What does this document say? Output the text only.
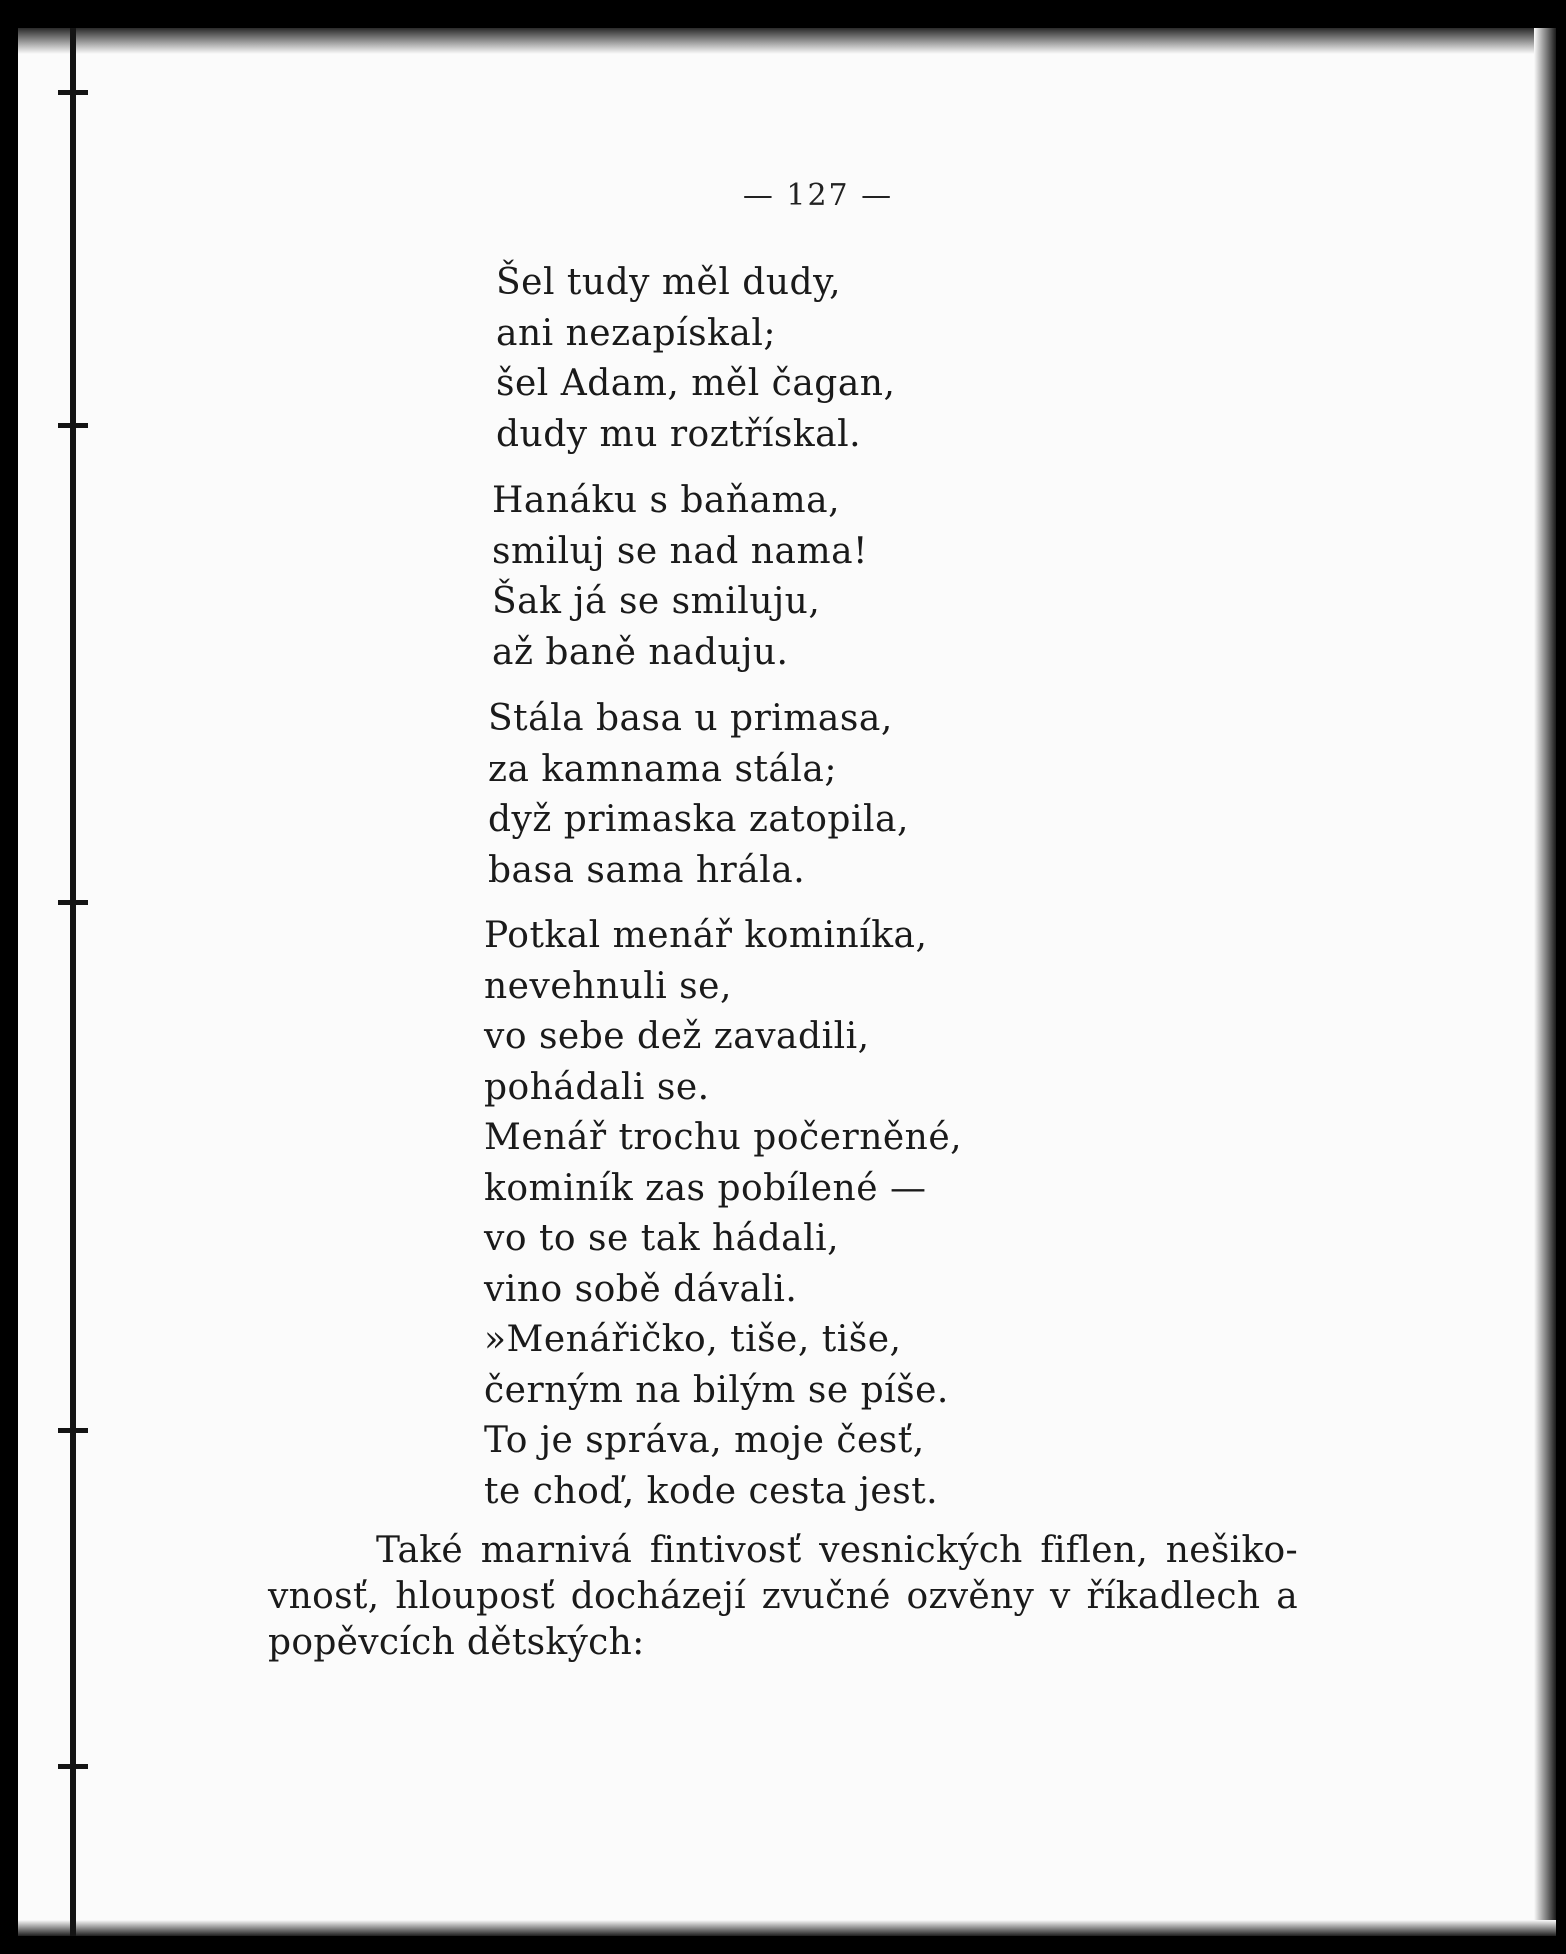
— 127 —

Šel tudy měl dudy,
ani nezapískal;
šel Adam, měl čagan,
dudy mu roztřískal.

Hanáku s baňama,
smiluj se nad nama!
Šak já se smiluju,
až baně naduju.

Stála basa u primasa,
za kamnama stála;
dyž primaska zatopila,
basa sama hrála.

Potkal menář kominíka,
nevehnuli se,
vo sebe dež zavadili,
pohádali se.
Menář trochu počerněné,
kominík zas pobílené —
vo to se tak hádali,
vino sobě dávali.
»Menářičko, tiše, tiše,
černým na bilým se píše.
To je správa, moje česť,
te choď, kode cesta jest.

Také marnivá fintivosť vesnických fiflen, nešiko-
vnosť, hlouposť docházejí zvučné ozvěny v říkadlech a
popěvcích dětských:
